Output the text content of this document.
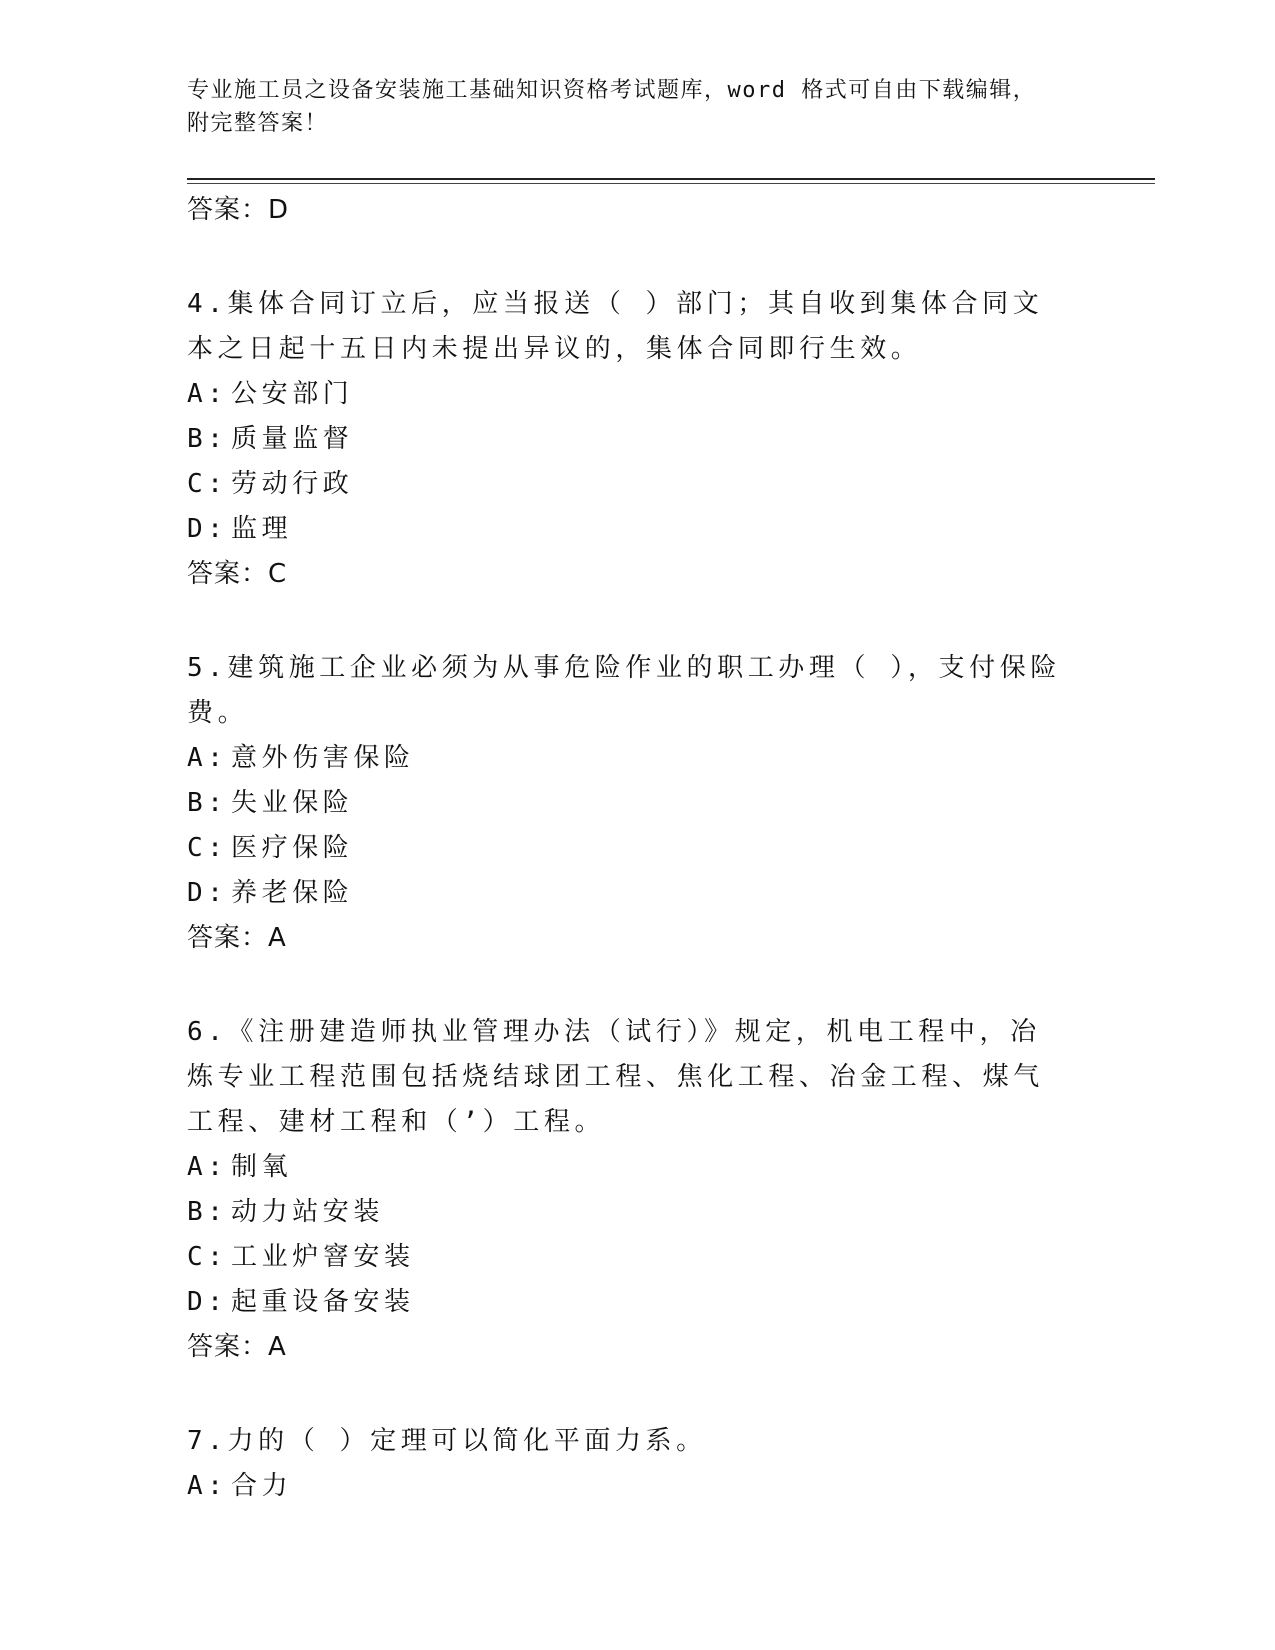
专业施工员之设备安装施工基础知识资格考试题库，word 格式可自由下载编辑，
附完整答案！
答案：D
4.集体合同订立后，应当报送（ ）部门；其自收到集体合同文本之日起十五日内未提出异议的，集体合同即行生效。
A: 公安部门
B: 质量监督
C: 劳动行政
D: 监理
答案：C
5.建筑施工企业必须为从事危险作业的职工办理（ ），支付保险费。
A: 意外伤害保险
B: 失业保险
C: 医疗保险
D: 养老保险
答案：A
6.《注册建造师执业管理办法（试行）》规定，机电工程中，冶炼专业工程范围包括烧结球团工程、焦化工程、冶金工程、煤气工程、建材工程和（’）工程。
A: 制氧
B: 动力站安装
C: 工业炉窨安装
D: 起重设备安装
答案：A
7.力的（ ）定理可以简化平面力系。
A: 合力
